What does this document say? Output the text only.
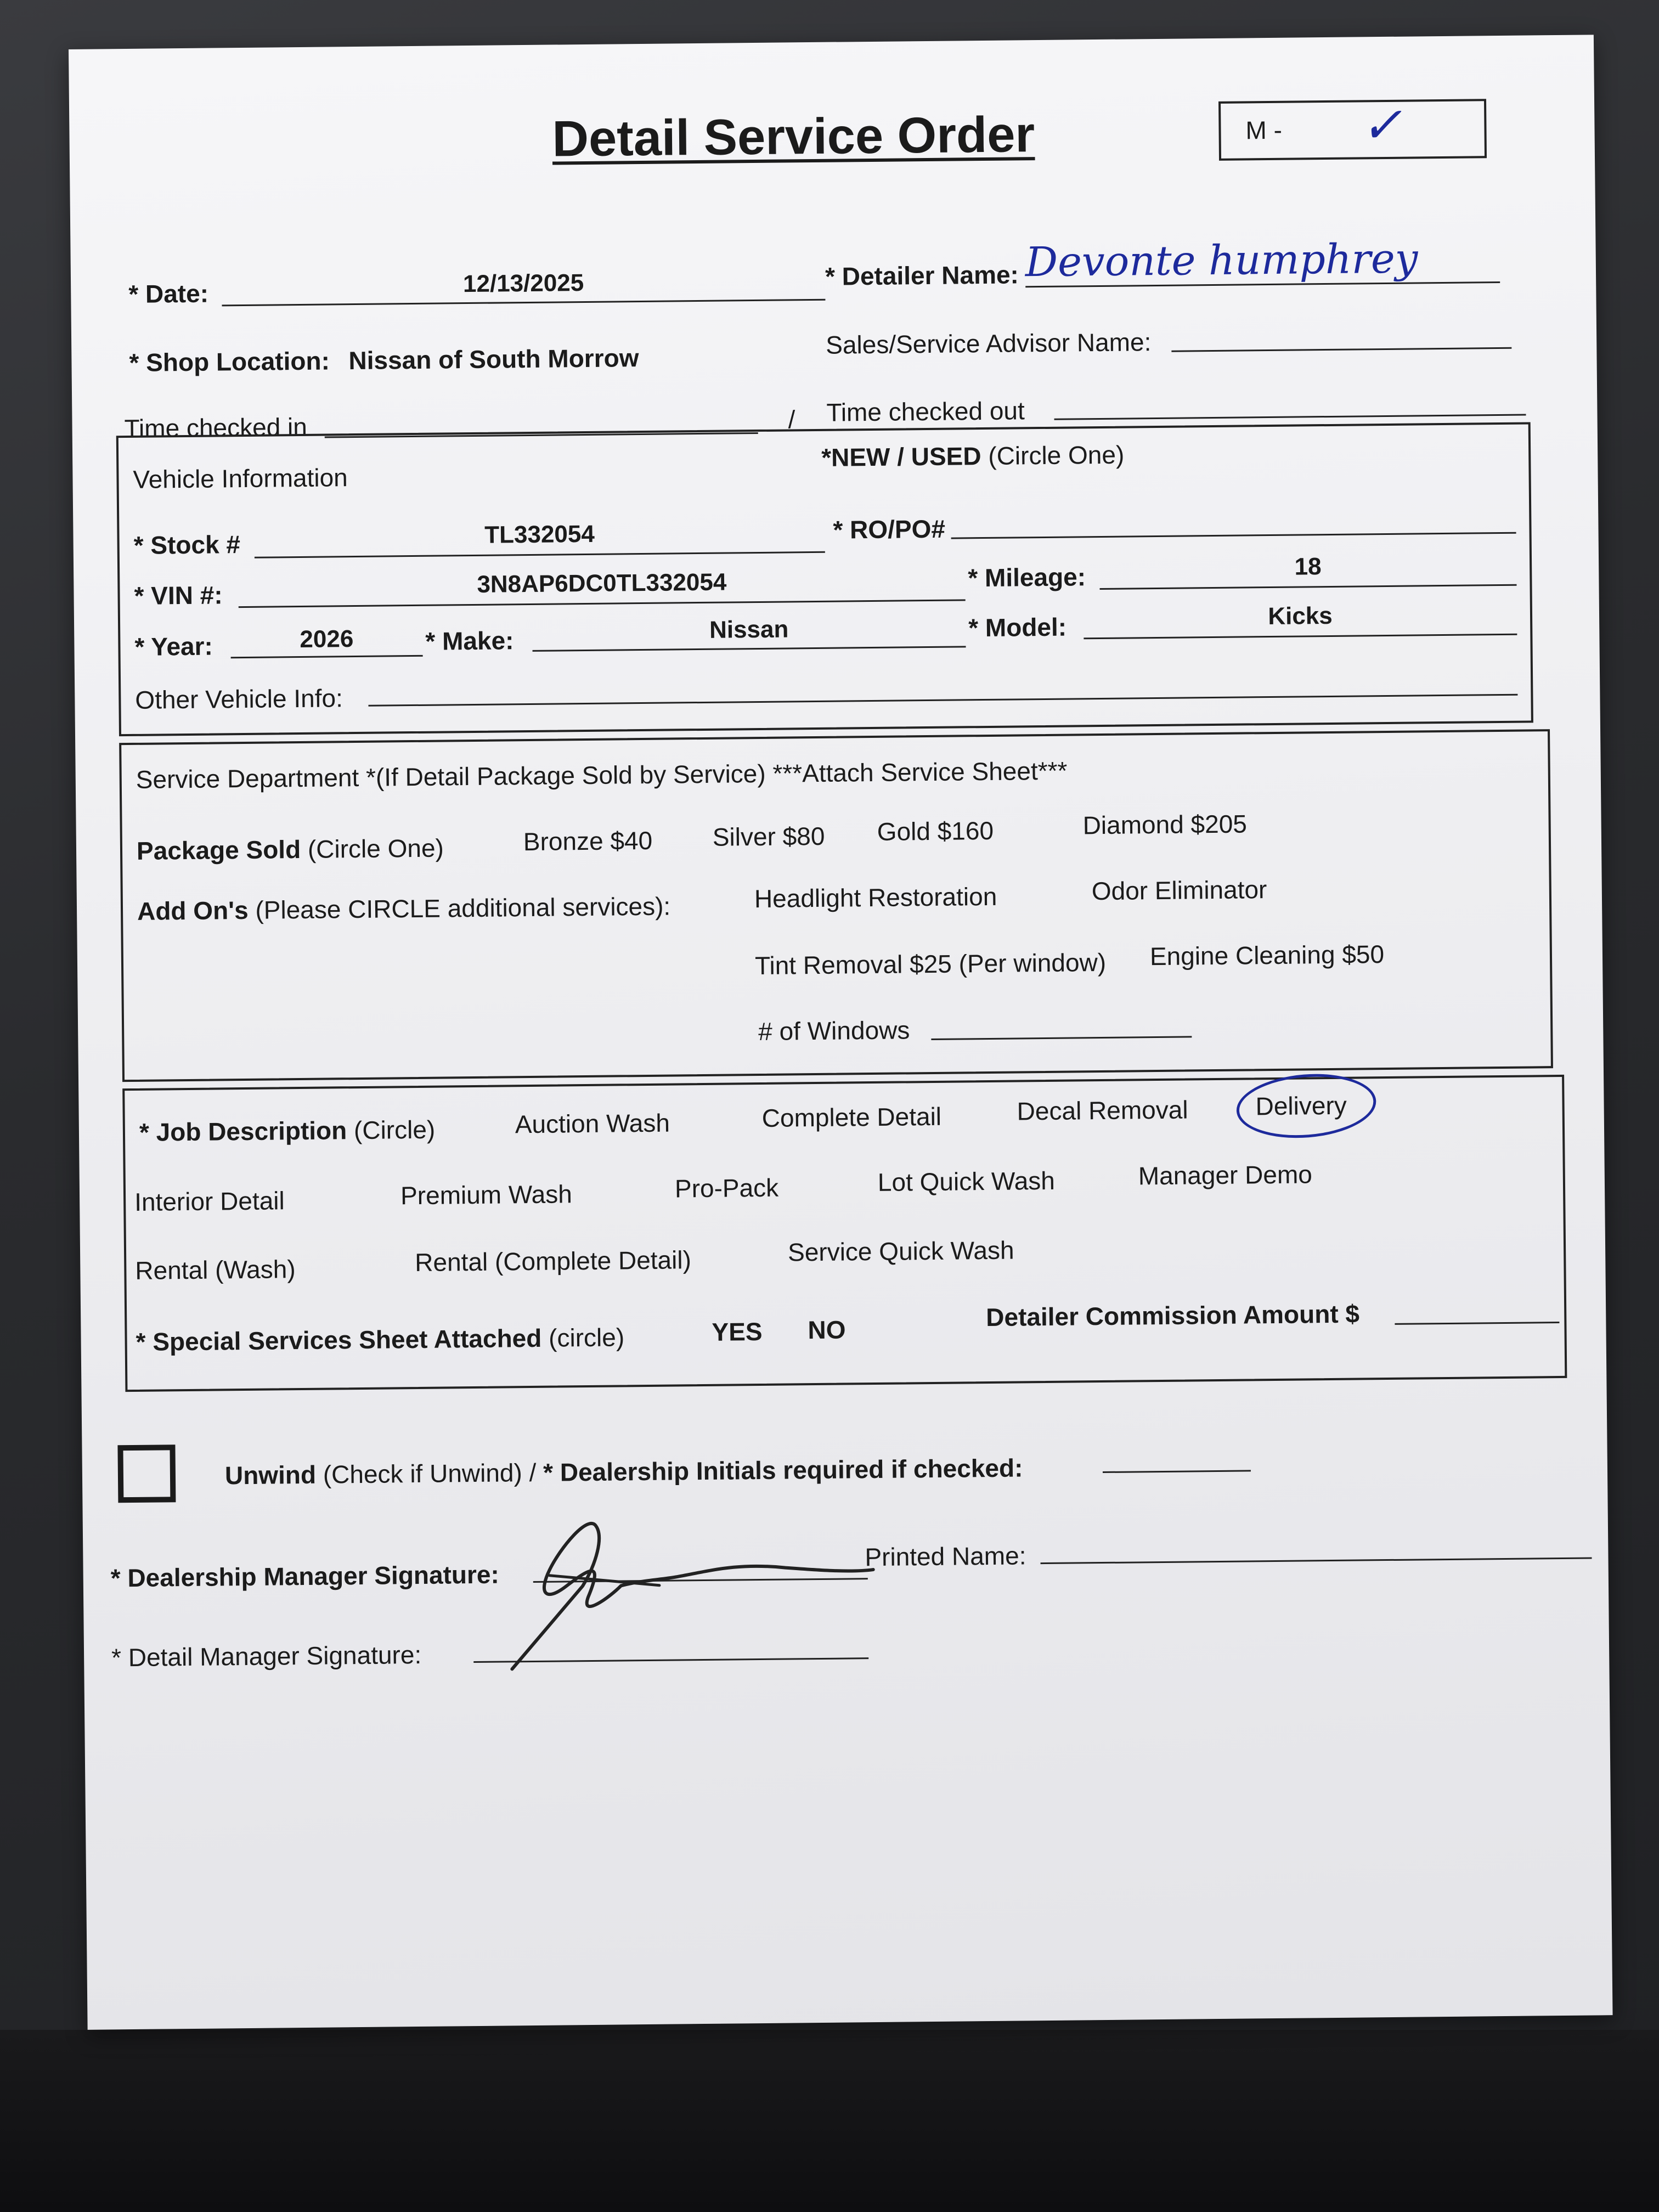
Detail Service Order	M - ✓
* Date:	12/13/2025	* Detailer Name: Devonte humphrey
* Shop Location: Nissan of South Morrow	Sales/Service Advisor Name:
Time checked in	/ Time checked out
Vehicle Information
*NEW / USED (Circle One)
* Stock #	TL332054	* RO/PO#
* VIN #:	3N8AP6DC0TL332054	* Mileage:	18
* Year:	2026	* Make:	Nissan	* Model:	Kicks
Other Vehicle Info:
Service Department *(If Detail Package Sold by Service) ***Attach Service Sheet***
Package Sold (Circle One)	Bronze $40 Silver $80 Gold $160	Diamond $205
Add On's (Please CIRCLE additional services):	Headlight Restoration	Odor Eliminator
Tint Removal $25 (Per window) Engine Cleaning $50
# of Windows
* Job Description (Circle)	Auction Wash	Complete Detail	Decal Removal	Delivery
Interior Detail	Premium Wash	Pro-Pack	Lot Quick Wash	Manager Demo
Rental (Wash)	Rental (Complete Detail)	Service Quick Wash
* Special Services Sheet Attached (circle)	YES NO	Detailer Commission Amount $
Unwind (Check if Unwind) / * Dealership Initials required if checked:
* Dealership Manager Signature:
Printed Name:
* Detail Manager Signature:
